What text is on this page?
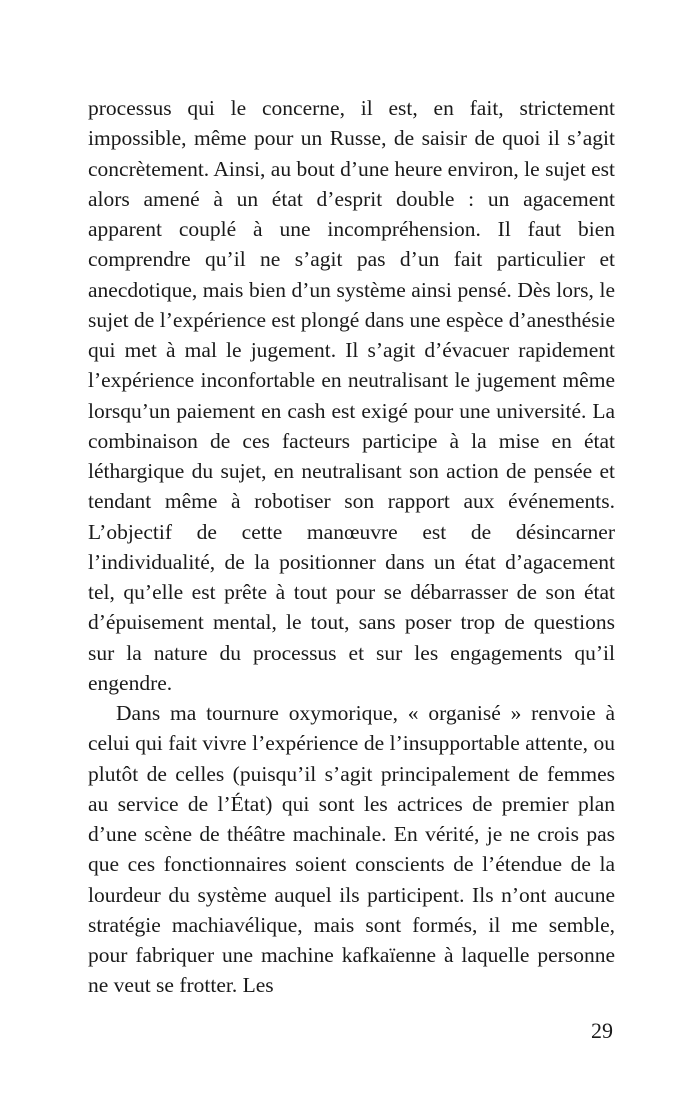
processus qui le concerne, il est, en fait, strictement impossible, même pour un Russe, de saisir de quoi il s’agit concrètement. Ainsi, au bout d’une heure environ, le sujet est alors amené à un état d’esprit double : un agacement apparent couplé à une incompréhension. Il faut bien comprendre qu’il ne s’agit pas d’un fait particulier et anecdotique, mais bien d’un système ainsi pensé. Dès lors, le sujet de l’expérience est plongé dans une espèce d’anesthésie qui met à mal le jugement. Il s’agit d’évacuer rapidement l’expérience inconfortable en neutralisant le jugement même lorsqu’un paiement en cash est exigé pour une université. La combinaison de ces facteurs participe à la mise en état léthargique du sujet, en neutralisant son action de pensée et tendant même à robotiser son rapport aux événements. L’objectif de cette manœuvre est de désincarner l’individualité, de la positionner dans un état d’agacement tel, qu’elle est prête à tout pour se débarrasser de son état d’épuisement mental, le tout, sans poser trop de questions sur la nature du processus et sur les engagements qu’il engendre.

Dans ma tournure oxymorique, « organisé » renvoie à celui qui fait vivre l’expérience de l’insupportable attente, ou plutôt de celles (puisqu’il s’agit principalement de femmes au service de l’État) qui sont les actrices de premier plan d’une scène de théâtre machinale. En vérité, je ne crois pas que ces fonctionnaires soient conscients de l’étendue de la lourdeur du système auquel ils participent. Ils n’ont aucune stratégie machiavélique, mais sont formés, il me semble, pour fabriquer une machine kafkaïenne à laquelle personne ne veut se frotter. Les

29
